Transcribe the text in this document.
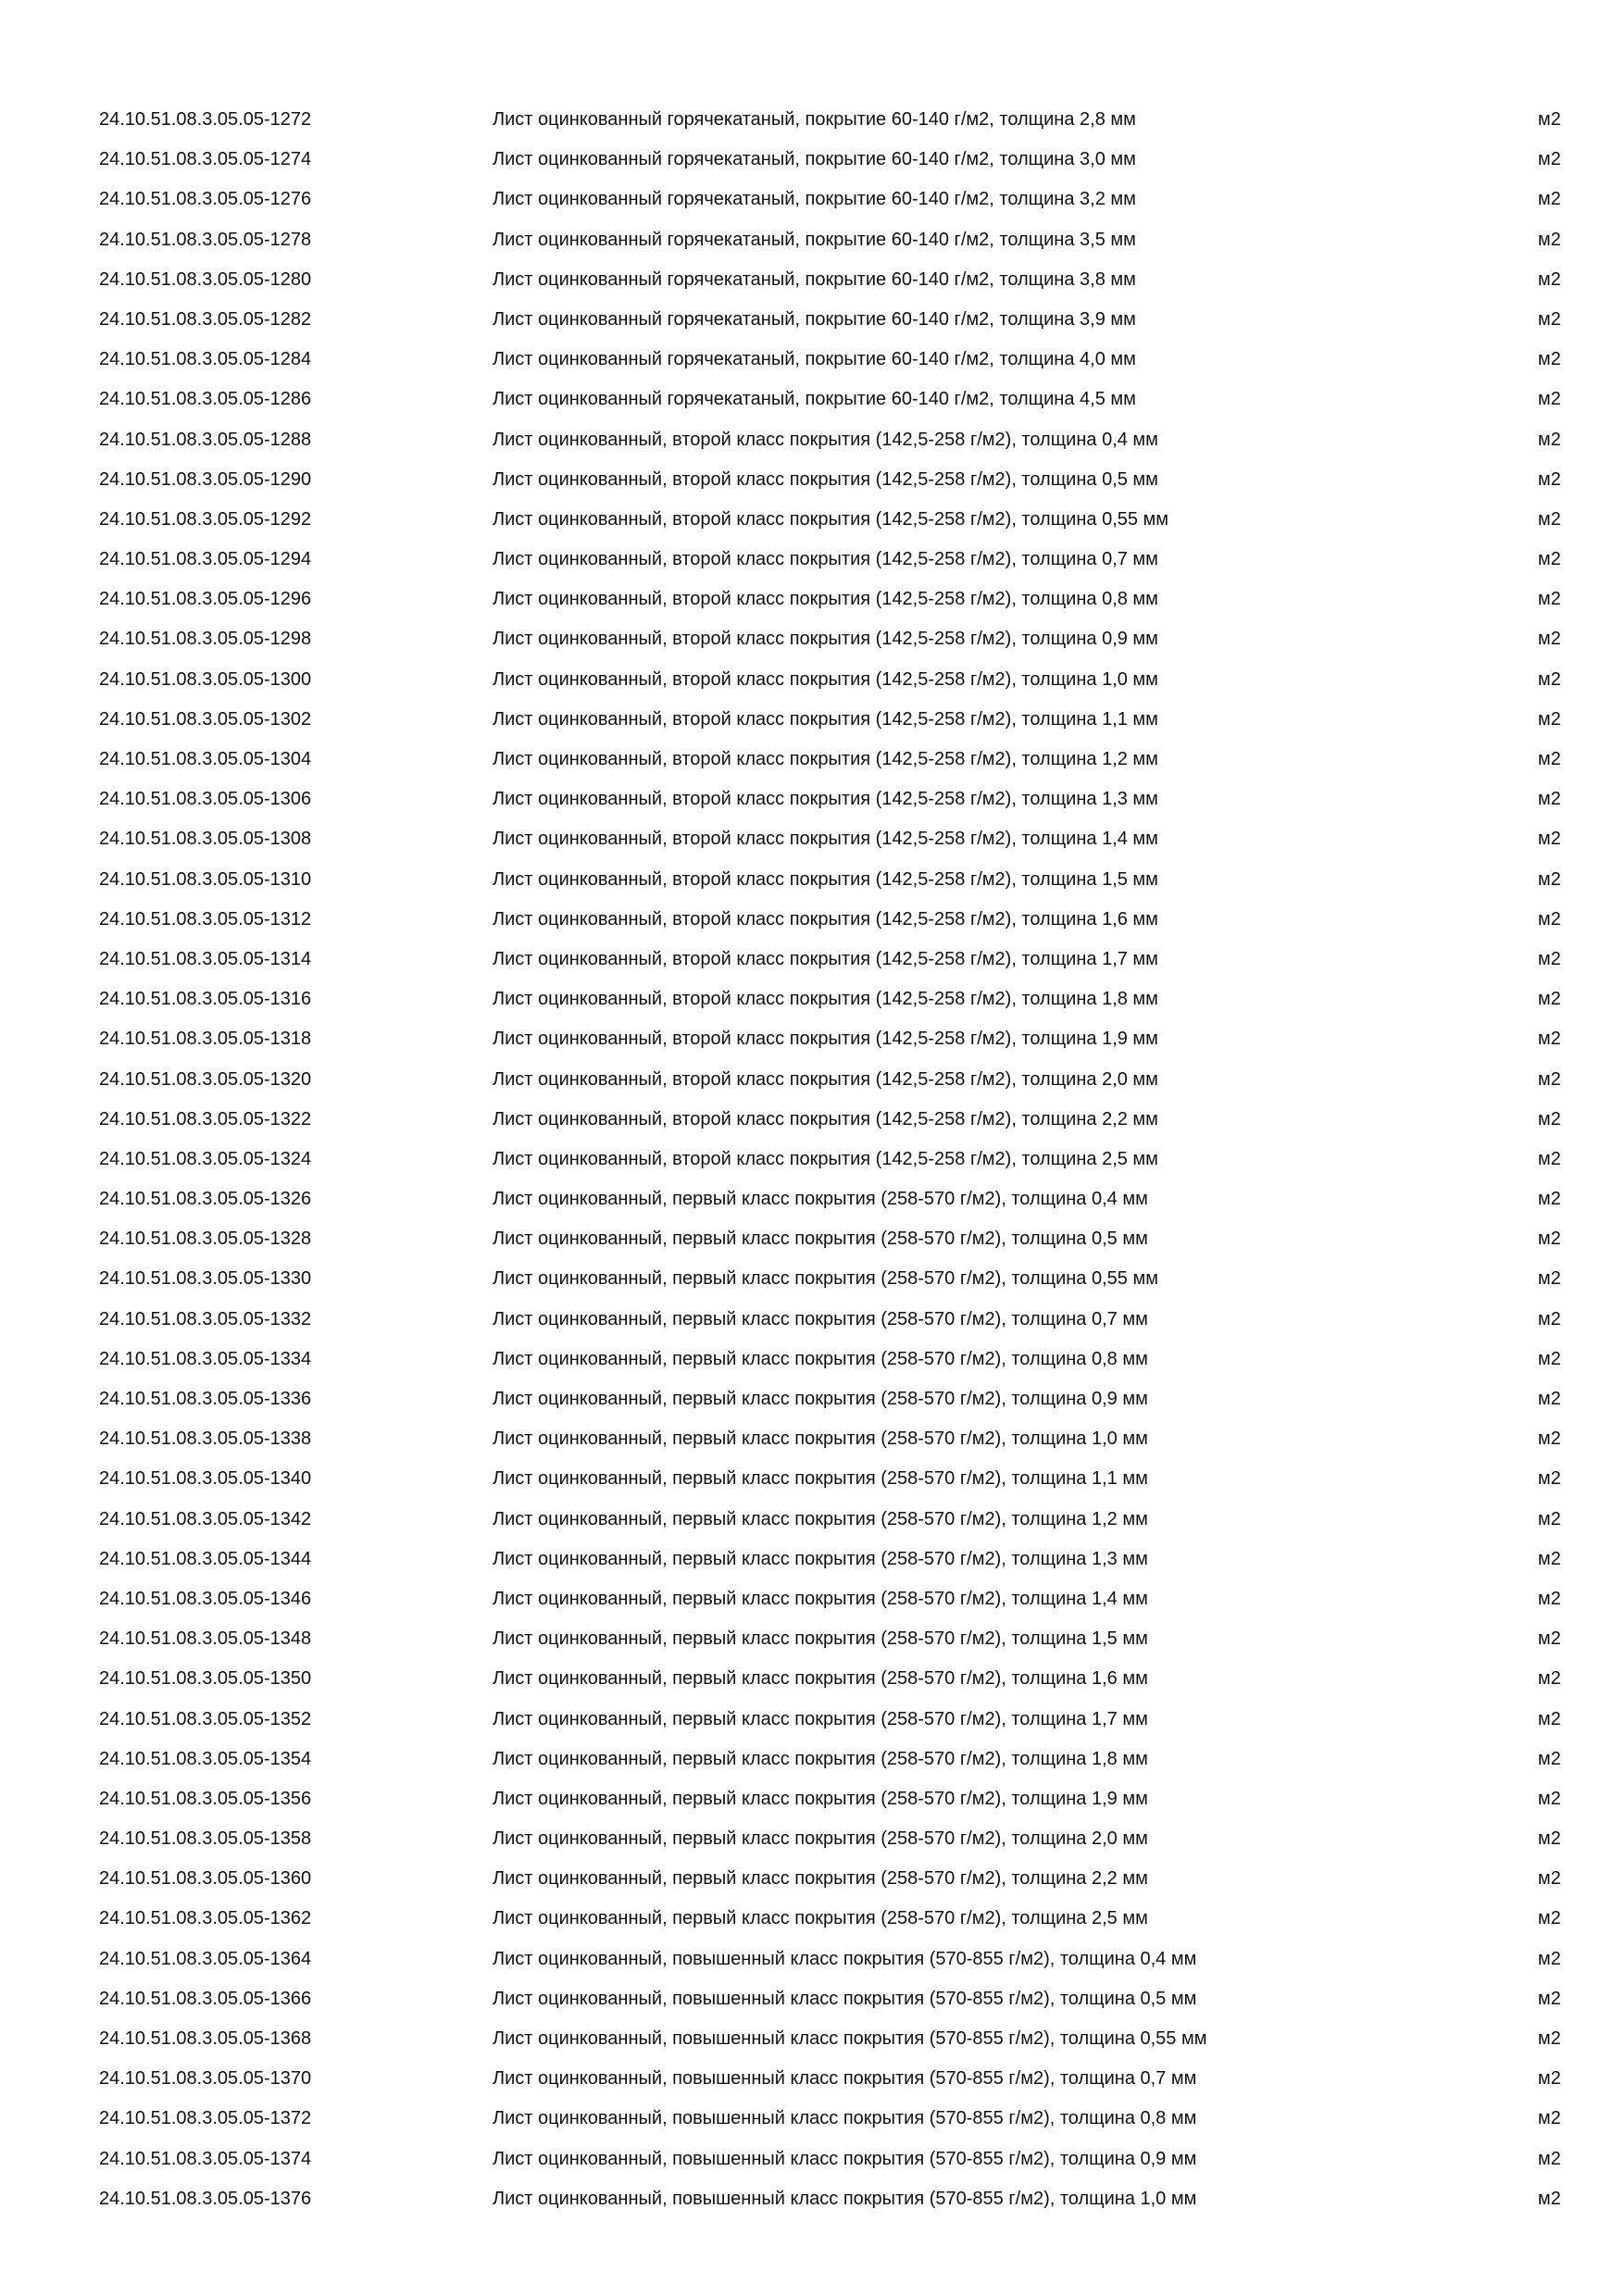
24.10.51.08.3.05.05-1272	Лист оцинкованный горячекатаный, покрытие 60-140 г/м2, толщина 2,8 мм	м2
24.10.51.08.3.05.05-1274	Лист оцинкованный горячекатаный, покрытие 60-140 г/м2, толщина 3,0 мм	м2
24.10.51.08.3.05.05-1276	Лист оцинкованный горячекатаный, покрытие 60-140 г/м2, толщина 3,2 мм	м2
24.10.51.08.3.05.05-1278	Лист оцинкованный горячекатаный, покрытие 60-140 г/м2, толщина 3,5 мм	м2
24.10.51.08.3.05.05-1280	Лист оцинкованный горячекатаный, покрытие 60-140 г/м2, толщина 3,8 мм	м2
24.10.51.08.3.05.05-1282	Лист оцинкованный горячекатаный, покрытие 60-140 г/м2, толщина 3,9 мм	м2
24.10.51.08.3.05.05-1284	Лист оцинкованный горячекатаный, покрытие 60-140 г/м2, толщина 4,0 мм	м2
24.10.51.08.3.05.05-1286	Лист оцинкованный горячекатаный, покрытие 60-140 г/м2, толщина 4,5 мм	м2
24.10.51.08.3.05.05-1288	Лист оцинкованный, второй класс покрытия (142,5-258 г/м2), толщина 0,4 мм	м2
24.10.51.08.3.05.05-1290	Лист оцинкованный, второй класс покрытия (142,5-258 г/м2), толщина 0,5 мм	м2
24.10.51.08.3.05.05-1292	Лист оцинкованный, второй класс покрытия (142,5-258 г/м2), толщина 0,55 мм	м2
24.10.51.08.3.05.05-1294	Лист оцинкованный, второй класс покрытия (142,5-258 г/м2), толщина 0,7 мм	м2
24.10.51.08.3.05.05-1296	Лист оцинкованный, второй класс покрытия (142,5-258 г/м2), толщина 0,8 мм	м2
24.10.51.08.3.05.05-1298	Лист оцинкованный, второй класс покрытия (142,5-258 г/м2), толщина 0,9 мм	м2
24.10.51.08.3.05.05-1300	Лист оцинкованный, второй класс покрытия (142,5-258 г/м2), толщина 1,0 мм	м2
24.10.51.08.3.05.05-1302	Лист оцинкованный, второй класс покрытия (142,5-258 г/м2), толщина 1,1 мм	м2
24.10.51.08.3.05.05-1304	Лист оцинкованный, второй класс покрытия (142,5-258 г/м2), толщина 1,2 мм	м2
24.10.51.08.3.05.05-1306	Лист оцинкованный, второй класс покрытия (142,5-258 г/м2), толщина 1,3 мм	м2
24.10.51.08.3.05.05-1308	Лист оцинкованный, второй класс покрытия (142,5-258 г/м2), толщина 1,4 мм	м2
24.10.51.08.3.05.05-1310	Лист оцинкованный, второй класс покрытия (142,5-258 г/м2), толщина 1,5 мм	м2
24.10.51.08.3.05.05-1312	Лист оцинкованный, второй класс покрытия (142,5-258 г/м2), толщина 1,6 мм	м2
24.10.51.08.3.05.05-1314	Лист оцинкованный, второй класс покрытия (142,5-258 г/м2), толщина 1,7 мм	м2
24.10.51.08.3.05.05-1316	Лист оцинкованный, второй класс покрытия (142,5-258 г/м2), толщина 1,8 мм	м2
24.10.51.08.3.05.05-1318	Лист оцинкованный, второй класс покрытия (142,5-258 г/м2), толщина 1,9 мм	м2
24.10.51.08.3.05.05-1320	Лист оцинкованный, второй класс покрытия (142,5-258 г/м2), толщина 2,0 мм	м2
24.10.51.08.3.05.05-1322	Лист оцинкованный, второй класс покрытия (142,5-258 г/м2), толщина 2,2 мм	м2
24.10.51.08.3.05.05-1324	Лист оцинкованный, второй класс покрытия (142,5-258 г/м2), толщина 2,5 мм	м2
24.10.51.08.3.05.05-1326	Лист оцинкованный, первый класс покрытия (258-570 г/м2), толщина 0,4 мм	м2
24.10.51.08.3.05.05-1328	Лист оцинкованный, первый класс покрытия (258-570 г/м2), толщина 0,5 мм	м2
24.10.51.08.3.05.05-1330	Лист оцинкованный, первый класс покрытия (258-570 г/м2), толщина 0,55 мм	м2
24.10.51.08.3.05.05-1332	Лист оцинкованный, первый класс покрытия (258-570 г/м2), толщина 0,7 мм	м2
24.10.51.08.3.05.05-1334	Лист оцинкованный, первый класс покрытия (258-570 г/м2), толщина 0,8 мм	м2
24.10.51.08.3.05.05-1336	Лист оцинкованный, первый класс покрытия (258-570 г/м2), толщина 0,9 мм	м2
24.10.51.08.3.05.05-1338	Лист оцинкованный, первый класс покрытия (258-570 г/м2), толщина 1,0 мм	м2
24.10.51.08.3.05.05-1340	Лист оцинкованный, первый класс покрытия (258-570 г/м2), толщина 1,1 мм	м2
24.10.51.08.3.05.05-1342	Лист оцинкованный, первый класс покрытия (258-570 г/м2), толщина 1,2 мм	м2
24.10.51.08.3.05.05-1344	Лист оцинкованный, первый класс покрытия (258-570 г/м2), толщина 1,3 мм	м2
24.10.51.08.3.05.05-1346	Лист оцинкованный, первый класс покрытия (258-570 г/м2), толщина 1,4 мм	м2
24.10.51.08.3.05.05-1348	Лист оцинкованный, первый класс покрытия (258-570 г/м2), толщина 1,5 мм	м2
24.10.51.08.3.05.05-1350	Лист оцинкованный, первый класс покрытия (258-570 г/м2), толщина 1,6 мм	м2
24.10.51.08.3.05.05-1352	Лист оцинкованный, первый класс покрытия (258-570 г/м2), толщина 1,7 мм	м2
24.10.51.08.3.05.05-1354	Лист оцинкованный, первый класс покрытия (258-570 г/м2), толщина 1,8 мм	м2
24.10.51.08.3.05.05-1356	Лист оцинкованный, первый класс покрытия (258-570 г/м2), толщина 1,9 мм	м2
24.10.51.08.3.05.05-1358	Лист оцинкованный, первый класс покрытия (258-570 г/м2), толщина 2,0 мм	м2
24.10.51.08.3.05.05-1360	Лист оцинкованный, первый класс покрытия (258-570 г/м2), толщина 2,2 мм	м2
24.10.51.08.3.05.05-1362	Лист оцинкованный, первый класс покрытия (258-570 г/м2), толщина 2,5 мм	м2
24.10.51.08.3.05.05-1364	Лист оцинкованный, повышенный класс покрытия (570-855 г/м2), толщина 0,4 мм	м2
24.10.51.08.3.05.05-1366	Лист оцинкованный, повышенный класс покрытия (570-855 г/м2), толщина 0,5 мм	м2
24.10.51.08.3.05.05-1368	Лист оцинкованный, повышенный класс покрытия (570-855 г/м2), толщина 0,55 мм	м2
24.10.51.08.3.05.05-1370	Лист оцинкованный, повышенный класс покрытия (570-855 г/м2), толщина 0,7 мм	м2
24.10.51.08.3.05.05-1372	Лист оцинкованный, повышенный класс покрытия (570-855 г/м2), толщина 0,8 мм	м2
24.10.51.08.3.05.05-1374	Лист оцинкованный, повышенный класс покрытия (570-855 г/м2), толщина 0,9 мм	м2
24.10.51.08.3.05.05-1376	Лист оцинкованный, повышенный класс покрытия (570-855 г/м2), толщина 1,0 мм	м2
